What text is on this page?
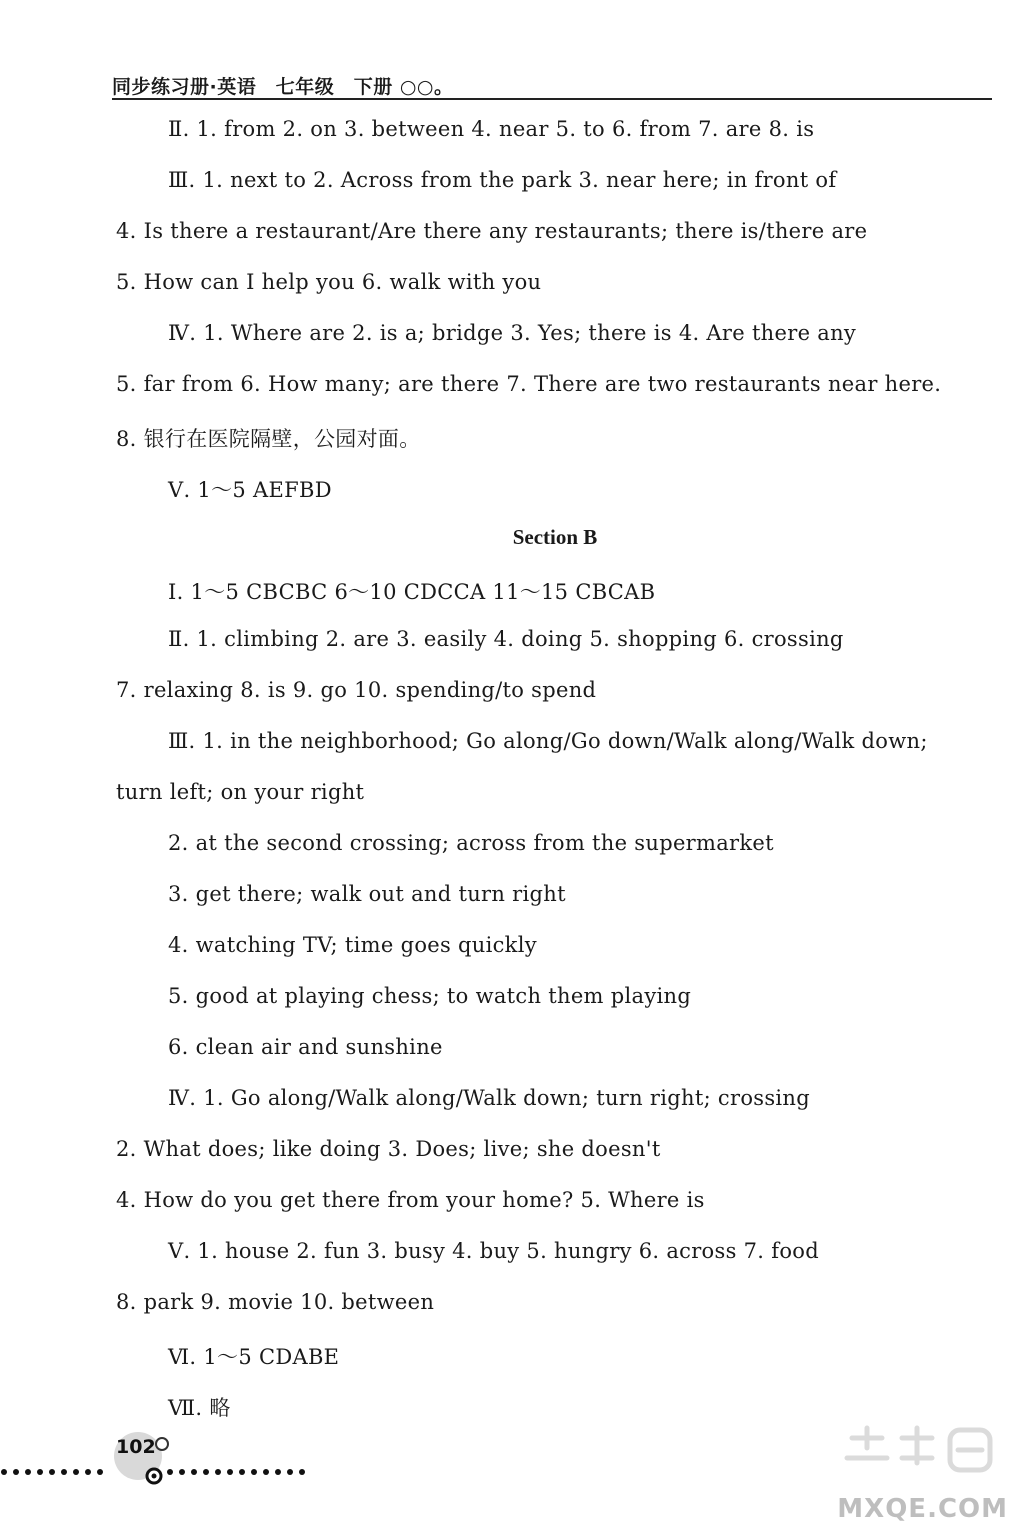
同步练习册·英语　七年级　下册 ○○。
Ⅱ. 1. from 2. on 3. between 4. near 5. to 6. from 7. are 8. is
Ⅲ. 1. next to 2. Across from the park 3. near here; in front of
4. Is there a restaurant/Are there any restaurants; there is/there are
5. How can I help you 6. walk with you
Ⅳ. 1. Where are 2. is a; bridge 3. Yes; there is 4. Are there any
5. far from 6. How many; are there 7. There are two restaurants near here.
8. 银行在医院隔壁，公园对面。
Ⅴ. 1～5 AEFBD
Section B
Ⅰ. 1～5 CBCBC 6～10 CDCCA 11～15 CBCAB
Ⅱ. 1. climbing 2. are 3. easily 4. doing 5. shopping 6. crossing
7. relaxing 8. is 9. go 10. spending/to spend
Ⅲ. 1. in the neighborhood; Go along/Go down/Walk along/Walk down;
turn left; on your right
2. at the second crossing; across from the supermarket
3. get there; walk out and turn right
4. watching TV; time goes quickly
5. good at playing chess; to watch them playing
6. clean air and sunshine
Ⅳ. 1. Go along/Walk along/Walk down; turn right; crossing
2. What does; like doing 3. Does; live; she doesn't
4. How do you get there from your home? 5. Where is
Ⅴ. 1. house 2. fun 3. busy 4. buy 5. hungry 6. across 7. food
8. park 9. movie 10. between
Ⅵ. 1～5 CDABE
Ⅶ. 略
102
MXQE.COM
